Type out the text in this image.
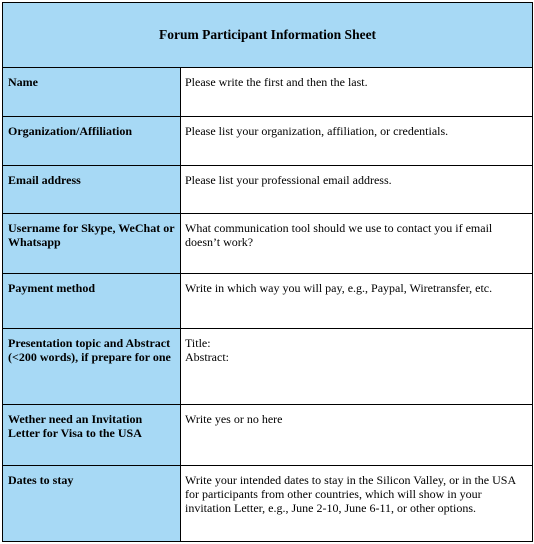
Forum Participant Information Sheet	
Name	Please write the first and then the last.

Organization/Affiliation	Please list your organization, affiliation, or credentials.

Email address	Please list your professional email address.

Username for Skype, WeChat or Whatsapp	What communication tool should we use to contact you if email doesn’t work?

Payment method	Write in which way you will pay, e.g., Paypal, Wiretransfer, etc.

Presentation topic and Abstract (<200 words), if prepare for one	Title:
Abstract:

Wether need an Invitation Letter for Visa to the USA	Write yes or no here

Dates to stay	Write your intended dates to stay in the Silicon Valley, or in the USA for participants from other countries, which will show in your invitation Letter, e.g., June 2-10, June 6-11, or other options.
